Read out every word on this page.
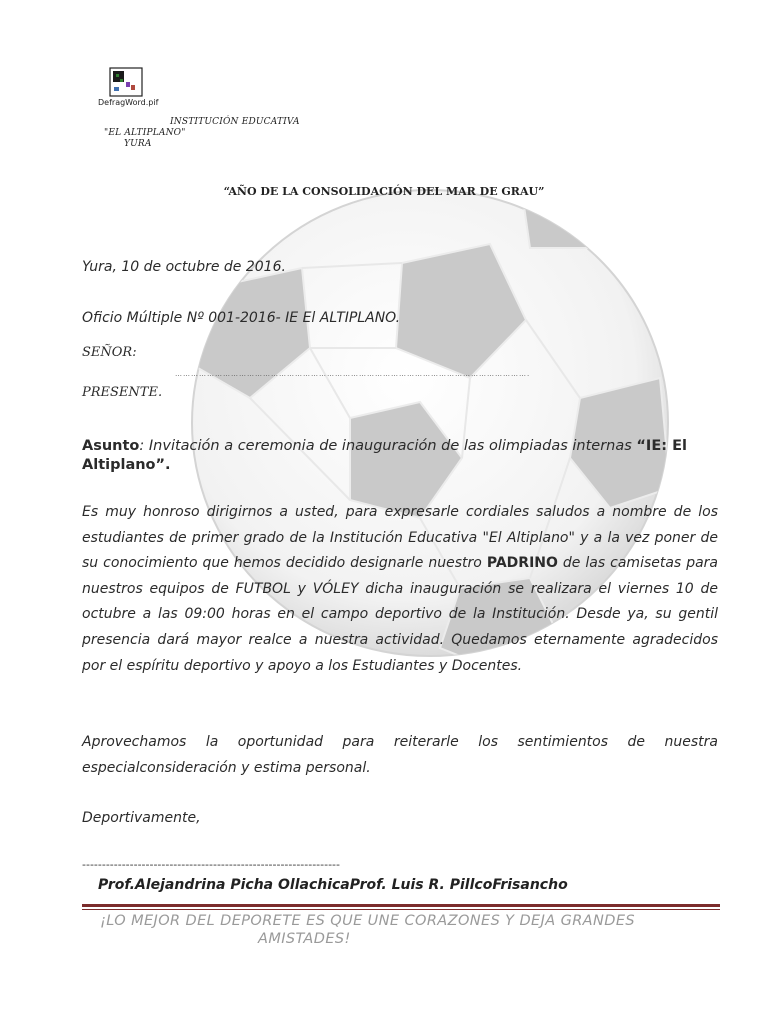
DefragWord.pif
INSTITUCIÓN EDUCATIVA
"EL ALTIPLANO"
YURA
“AÑO DE LA CONSOLIDACIÓN DEL MAR DE GRAU”
Yura, 10 de octubre de 2016.
Oficio Múltiple Nº 001-2016- IE El ALTIPLANO.
SEÑOR:
…………………………………………………………………………………………………………………….
PRESENTE.
Asunto: Invitación a ceremonia de inauguración de las olimpiadas internas “IE: El Altiplano”.
Es muy honroso dirigirnos a usted, para expresarle cordiales saludos a nombre de los estudiantes de primer grado de la Institución Educativa "El Altiplano" y a la vez poner de su conocimiento que hemos decidido designarle nuestro PADRINO de las camisetas para nuestros equipos de FUTBOL y VÓLEY dicha inauguración se realizara el viernes 10 de octubre a las 09:00 horas en el campo deportivo de la Institución. Desde ya, su gentil presencia dará mayor realce a nuestra actividad. Quedamos eternamente agradecidos por el espíritu deportivo y apoyo a los Estudiantes y Docentes.
Aprovechamos la oportunidad para reiterarle los sentimientos de nuestra especialconsideración y estima personal.
Deportivamente,
-----------------------------------------------------------------
Prof.Alejandrina Picha OllachicaProf. Luis R. PillcoFrisancho
¡LO MEJOR DEL DEPORETE ES QUE UNE CORAZONES Y DEJA GRANDES
AMISTADES!
